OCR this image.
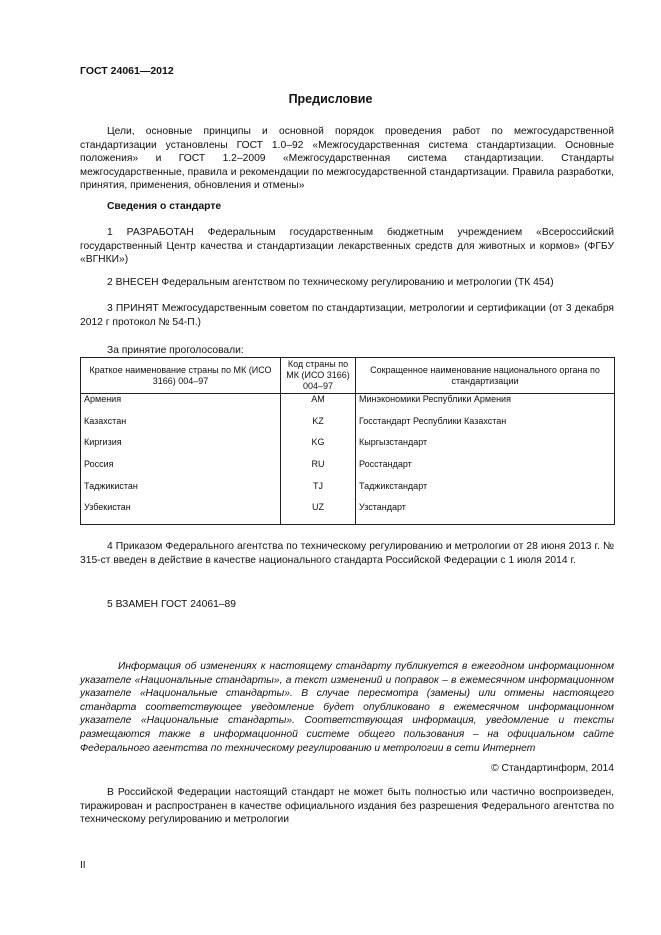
ГОСТ 24061—2012
Предисловие
Цели, основные принципы и основной порядок проведения работ по межгосударственной стандартизации установлены ГОСТ 1.0–92 «Межгосударственная система стандартизации. Основные положения» и ГОСТ 1.2–2009 «Межгосударственная система стандартизации. Стандарты межгосударственные, правила и рекомендации по межгосударственной стандартизации. Правила разработки, принятия, применения, обновления и отмены»
Сведения о стандарте
1 РАЗРАБОТАН Федеральным государственным бюджетным учреждением «Всероссийский государственный Центр качества и стандартизации лекарственных средств для животных и кормов» (ФГБУ «ВГНКИ»)
2 ВНЕСЕН Федеральным агентством по техническому регулированию и метрологии (ТК 454)
3 ПРИНЯТ Межгосударственным советом по стандартизации, метрологии и сертификации (от 3 декабря 2012 г протокол № 54-П.)
За принятие проголосовали:
Краткое наименование страны по МК (ИСО 3166) 004–97	Код страны по МК (ИСО 3166) 004–97	Сокращенное наименование национального органа по стандартизации
Армения	AM	Минэкономики Республики Армения
Казахстан	KZ	Госстандарт Республики Казахстан
Киргизия	KG	Кыргызстандарт
Россия	RU	Росстандарт
Таджикистан	TJ	Таджикстандарт
Узбекистан	UZ	Узстандарт
4 Приказом Федерального агентства по техническому регулированию и метрологии от 28 июня 2013 г. № 315-ст введен в действие в качестве национального стандарта Российской Федерации с 1 июля 2014 г.
5 ВЗАМЕН ГОСТ 24061–89
Информация об изменениях к настоящему стандарту публикуется в ежегодном информационном указателе «Национальные стандарты», а текст изменений и поправок – в ежемесячном информационном указателе «Национальные стандарты». В случае пересмотра (замены) или отмены настоящего стандарта соответствующее уведомление будет опубликовано в ежемесячном информационном указателе «Национальные стандарты». Соответствующая информация, уведомление и тексты размещаются также в информационной системе общего пользования – на официальном сайте Федерального агентства по техническому регулированию и метрологии в сети Интернет
© Стандартинформ, 2014
В Российской Федерации настоящий стандарт не может быть полностью или частично воспроизведен, тиражирован и распространен в качестве официального издания без разрешения Федерального агентства по техническому регулированию и метрологии
II
